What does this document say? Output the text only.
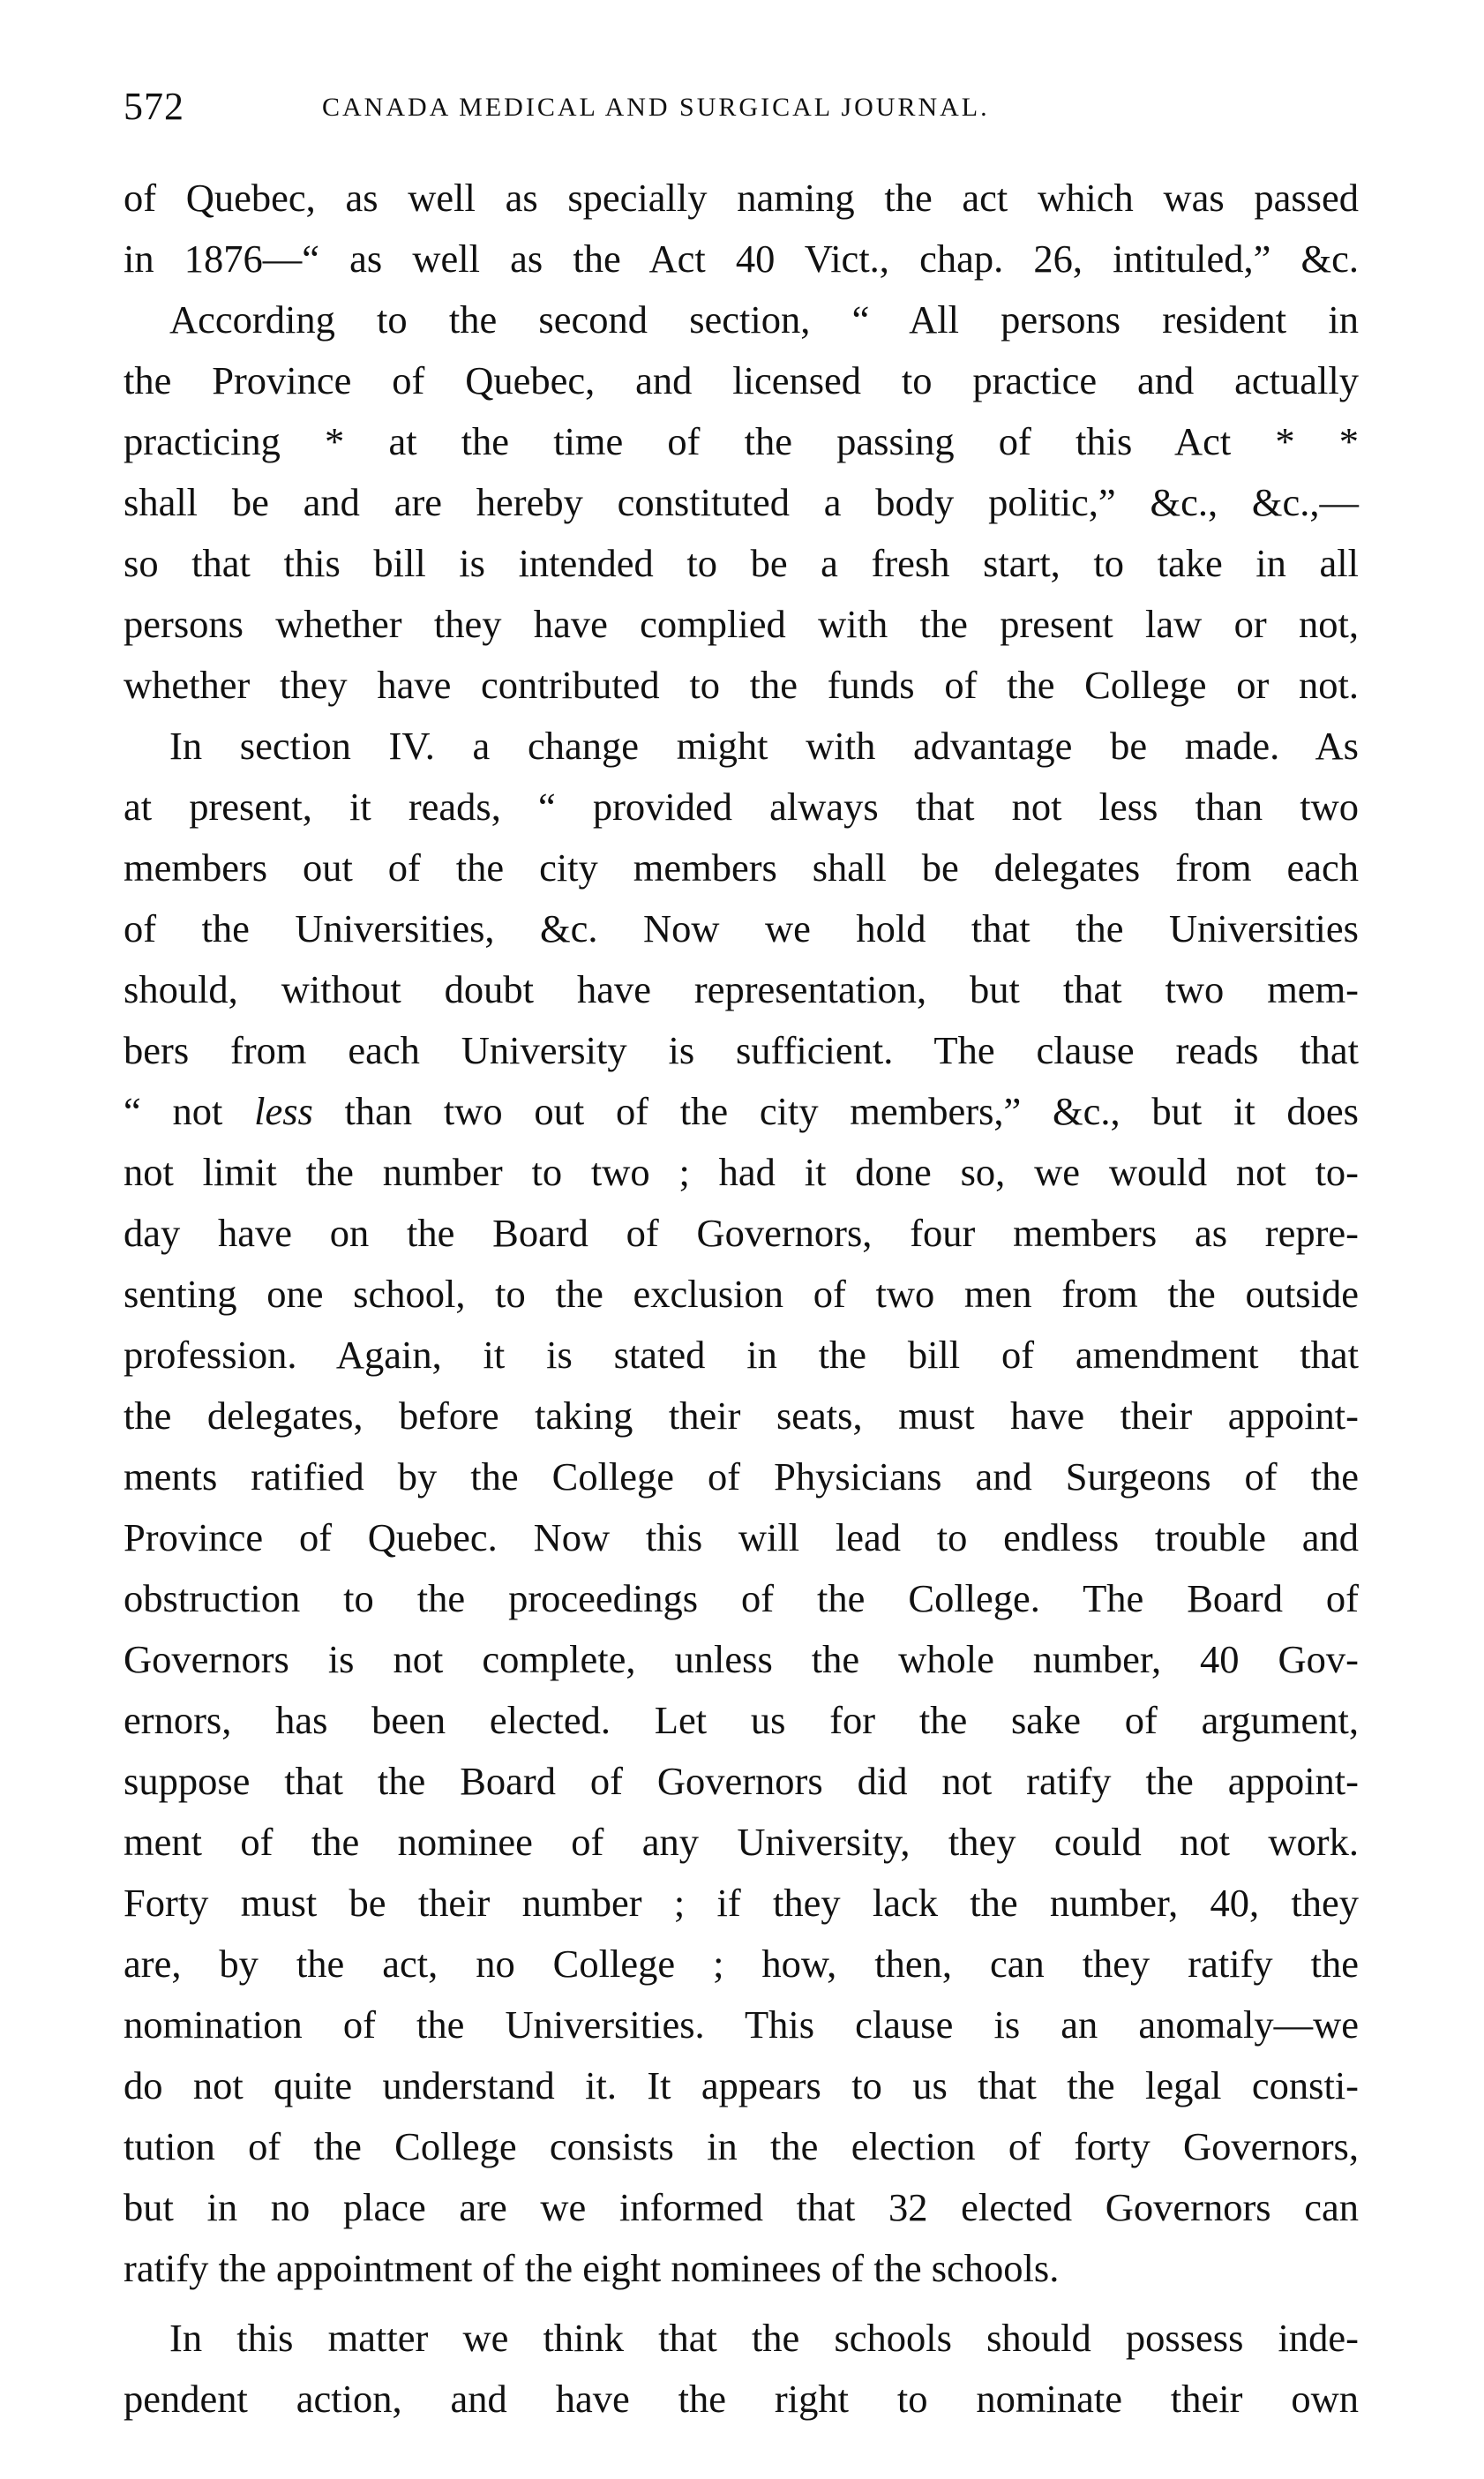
572	CANADA MEDICAL AND SURGICAL JOURNAL.
of Quebec, as well as specially naming the act which was passed
in 1876—“ as well as the Act 40 Vict., chap. 26, intituled,” &c.
According to the second section, “ All persons resident in
the Province of Quebec, and licensed to practice and actually
practicing * at the time of the passing of this Act * *
shall be and are hereby constituted a body politic,” &c., &c.,—
so that this bill is intended to be a fresh start, to take in all
persons whether they have complied with the present law or not,
whether they have contributed to the funds of the College or not.
In section IV. a change might with advantage be made. As
at present, it reads, “ provided always that not less than two
members out of the city members shall be delegates from each
of the Universities, &c. Now we hold that the Universities
should, without doubt have representation, but that two mem-
bers from each University is sufficient. The clause reads that
“ not less than two out of the city members,” &c., but it does
not limit the number to two ; had it done so, we would not to-
day have on the Board of Governors, four members as repre-
senting one school, to the exclusion of two men from the outside
profession. Again, it is stated in the bill of amendment that
the delegates, before taking their seats, must have their appoint-
ments ratified by the College of Physicians and Surgeons of the
Province of Quebec. Now this will lead to endless trouble and
obstruction to the proceedings of the College. The Board of
Governors is not complete, unless the whole number, 40 Gov-
ernors, has been elected. Let us for the sake of argument,
suppose that the Board of Governors did not ratify the appoint-
ment of the nominee of any University, they could not work.
Forty must be their number ; if they lack the number, 40, they
are, by the act, no College ; how, then, can they ratify the
nomination of the Universities. This clause is an anomaly—we
do not quite understand it. It appears to us that the legal consti-
tution of the College consists in the election of forty Governors,
but in no place are we informed that 32 elected Governors can
ratify the appointment of the eight nominees of the schools.
In this matter we think that the schools should possess inde-
pendent action, and have the right to nominate their own
